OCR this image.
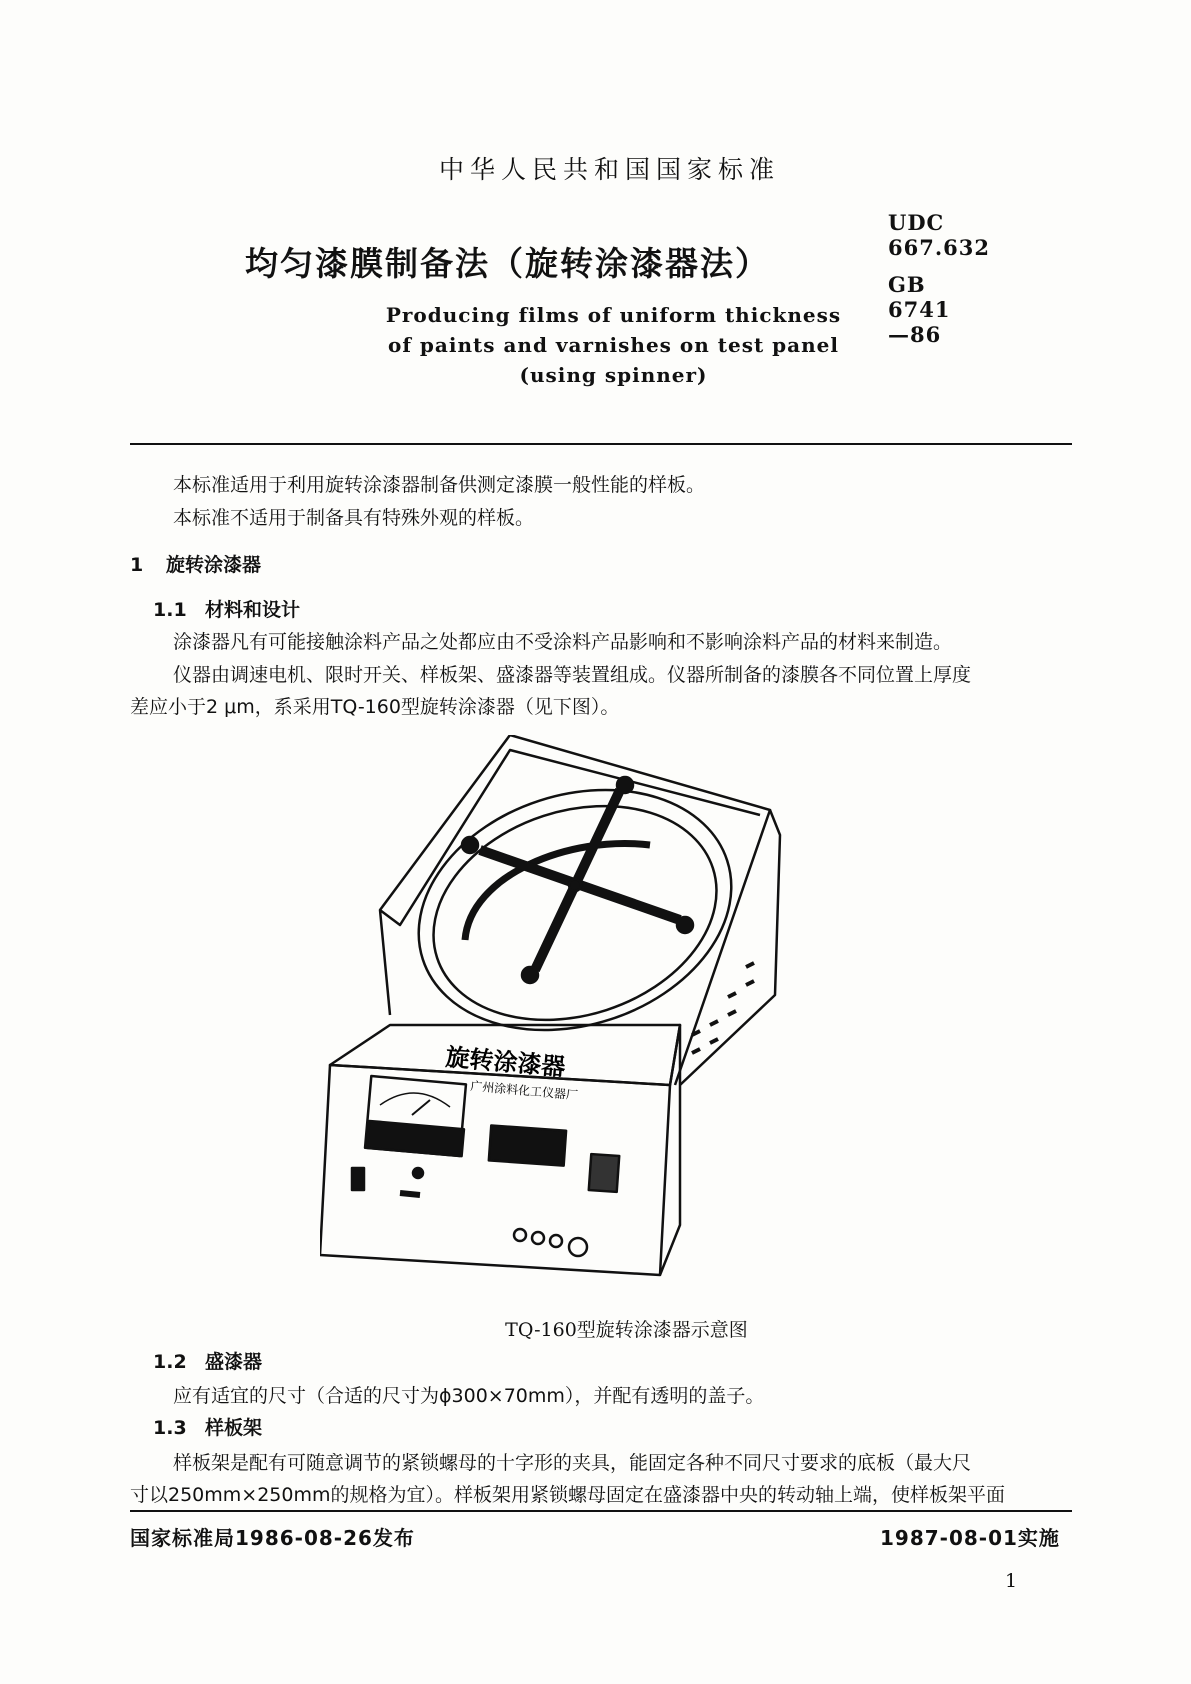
中华人民共和国国家标准
UDC 667.632
均匀漆膜制备法（旋转涂漆器法）
GB 6741—86
Producing films of uniform thickness
of paints and varnishes on test panel
(using spinner)
本标准适用于利用旋转涂漆器制备供测定漆膜一般性能的样板。
本标准不适用于制备具有特殊外观的样板。
1 旋转涂漆器
1.1 材料和设计
涂漆器凡有可能接触涂料产品之处都应由不受涂料产品影响和不影响涂料产品的材料来制造。
仪器由调速电机、限时开关、样板架、盛漆器等装置组成。仪器所制备的漆膜各不同位置上厚度
差应小于2 μm，系采用TQ-160型旋转涂漆器（见下图）。
旋转涂漆器
广州涂料化工仪器厂
TQ-160型旋转涂漆器示意图
1.2 盛漆器
应有适宜的尺寸（合适的尺寸为ϕ300×70mm），并配有透明的盖子。
1.3 样板架
样板架是配有可随意调节的紧锁螺母的十字形的夹具，能固定各种不同尺寸要求的底板（最大尺
寸以250mm×250mm的规格为宜）。样板架用紧锁螺母固定在盛漆器中央的转动轴上端，使样板架平面
国家标准局1986-08-26发布	1987-08-01实施
1
